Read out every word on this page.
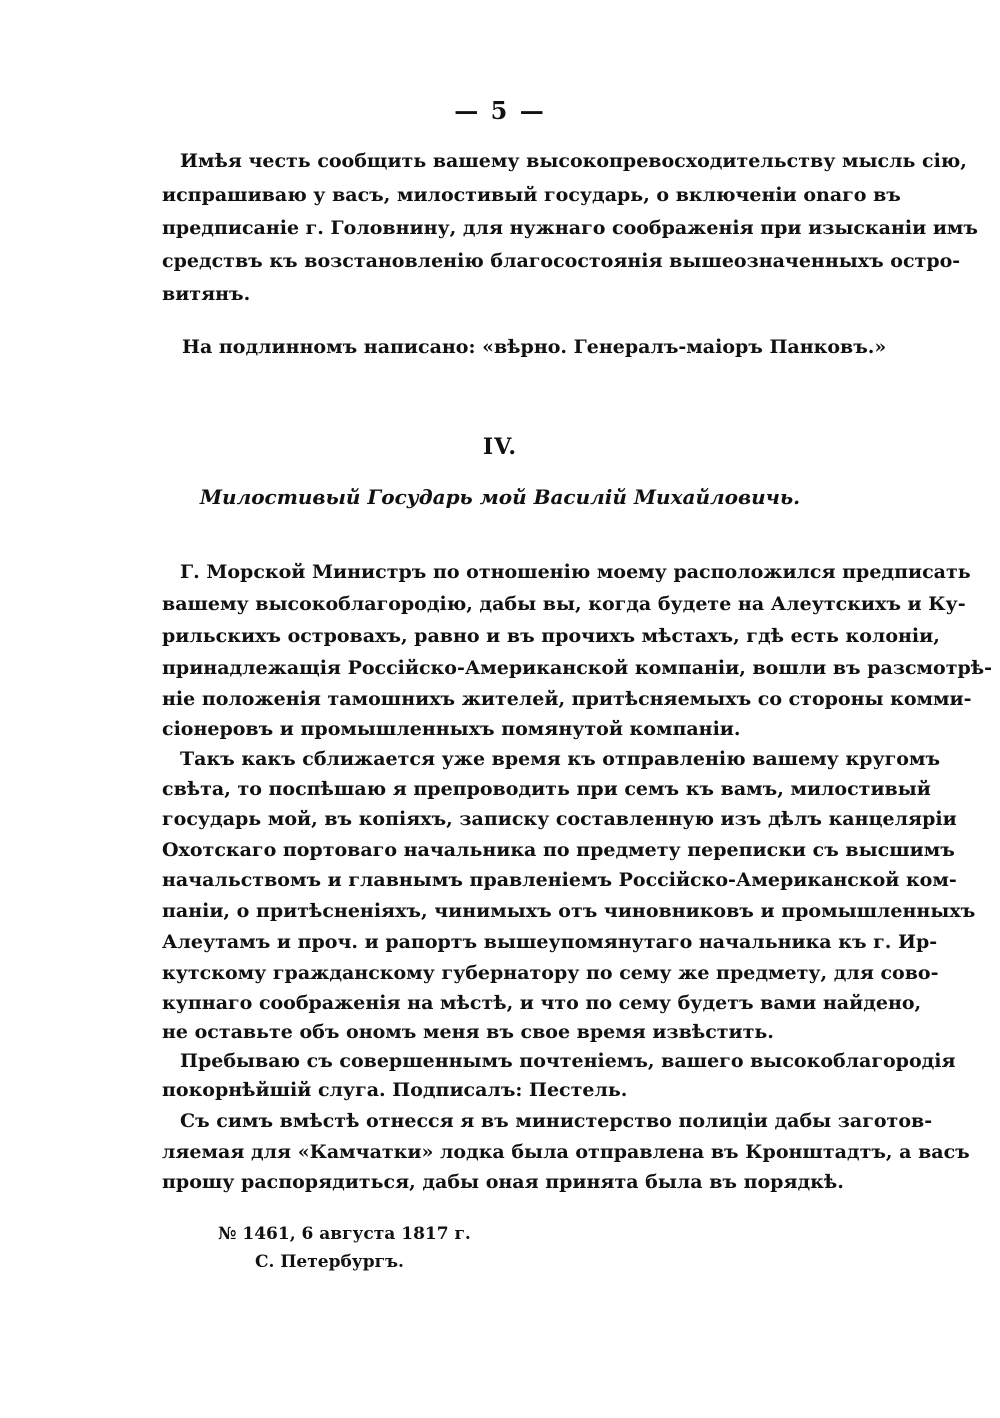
— 5 —
Имѣя честь сообщить вашему высокопревосходительству мысль сію,
испрашиваю у васъ, милостивый государь, о включеніи onaго въ
предписаніе г. Головнину, для нужнаго соображенія при изысканіи имъ
средствъ къ возстановленію благосостоянія вышеозначенныхъ остро-
витянъ.
На подлинномъ написано: «вѣрно. Генералъ-маіоръ Панковъ.»
IV.
Милостивый Государь мой Василій Михайловичь.
Г. Морской Министръ по отношенію моему расположился предписать
вашему высокоблагородію, дабы вы, когда будете на Алеутскихъ и Ку-
рильскихъ островахъ, равно и въ прочихъ мѣстахъ, гдѣ есть колоніи,
принадлежащія Россійско-Американской компаніи, вошли въ разсмотрѣ-
ніе положенія тамошнихъ жителей, притѣсняемыхъ со стороны комми-
сіонеровъ и промышленныхъ помянутой компаніи.
Такъ какъ сближается уже время къ отправленію вашему кругомъ
свѣта, то поспѣшаю я препроводить при семъ къ вамъ, милостивый
государь мой, въ копіяхъ, записку составленную изъ дѣлъ канцеляріи
Охотскаго портоваго начальника по предмету переписки съ высшимъ
начальствомъ и главнымъ правленіемъ Россійско-Американской ком-
паніи, о притѣсненіяхъ, чинимыхъ отъ чиновниковъ и промышленныхъ
Алеутамъ и проч. и рапортъ вышеупомянутаго начальника къ г. Ир-
кутскому гражданскому губернатору по сему же предмету, для сово-
купнаго соображенія на мѣстѣ, и что по сему будетъ вами найдено,
не оставьте объ ономъ меня въ свое время извѣстить.
Пребываю съ совершеннымъ почтеніемъ, вашего высокоблагородія
покорнѣйшій слуга. Подписалъ: Пестель.
Съ симъ вмѣстѣ отнесся я въ министерство полиціи дабы заготов-
ляемая для «Камчатки» лодка была отправлена въ Кронштадтъ, а васъ
прошу распорядиться, дабы оная принята была въ порядкѣ.
№ 1461, 6 августа 1817 г.
С. Петербургъ.
